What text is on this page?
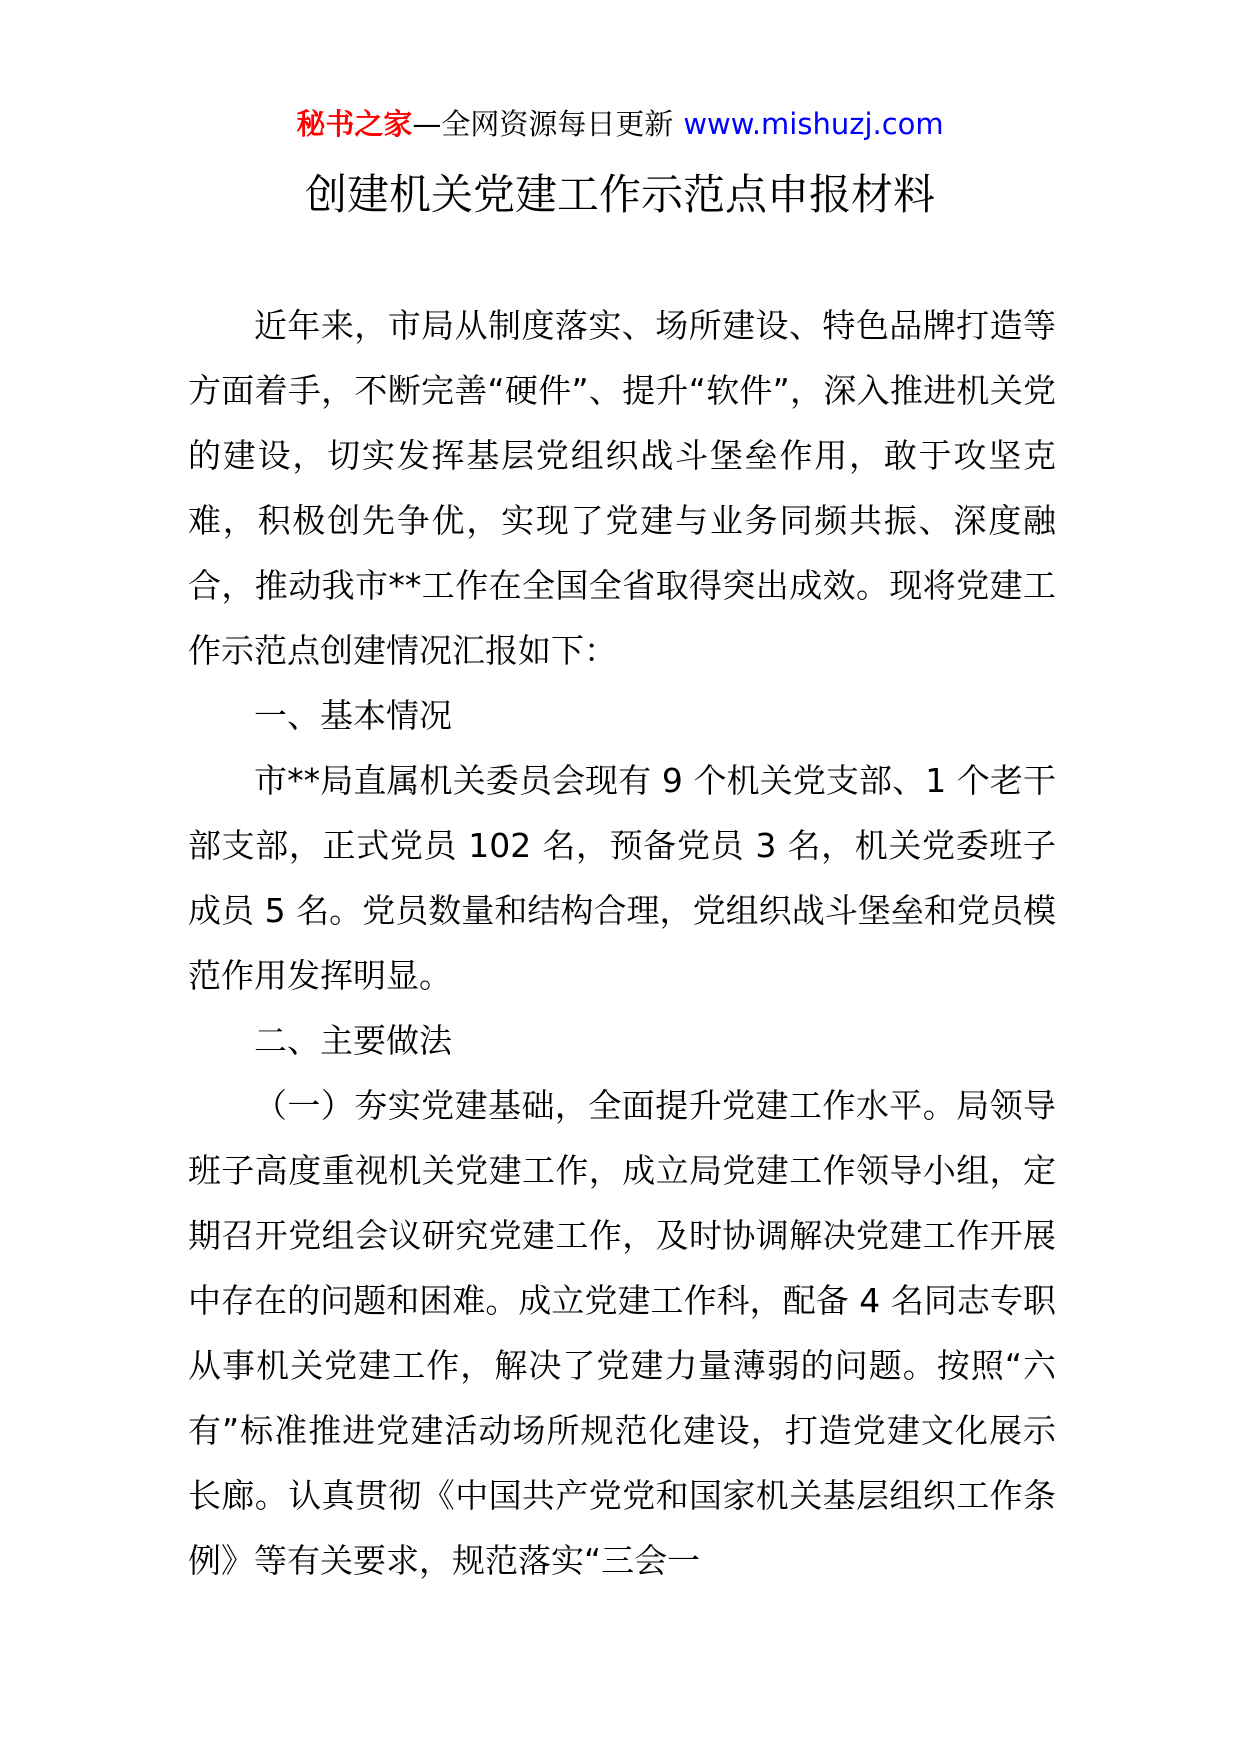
秘书之家—全网资源每日更新 www.mishuzj.com
创建机关党建工作示范点申报材料

近年来，市局从制度落实、场所建设、特色品牌打造等方面着手，不断完善“硬件”、提升“软件”，深入推进机关党的建设，切实发挥基层党组织战斗堡垒作用，敢于攻坚克难，积极创先争优，实现了党建与业务同频共振、深度融合，推动我市**工作在全国全省取得突出成效。现将党建工作示范点创建情况汇报如下：

一、基本情况

市**局直属机关委员会现有 9 个机关党支部、1 个老干部支部，正式党员 102 名，预备党员 3 名，机关党委班子成员 5 名。党员数量和结构合理，党组织战斗堡垒和党员模范作用发挥明显。

二、主要做法

（一）夯实党建基础，全面提升党建工作水平。局领导班子高度重视机关党建工作，成立局党建工作领导小组，定期召开党组会议研究党建工作，及时协调解决党建工作开展中存在的问题和困难。成立党建工作科，配备 4 名同志专职从事机关党建工作，解决了党建力量薄弱的问题。按照“六有”标准推进党建活动场所规范化建设，打造党建文化展示长廊。认真贯彻《中国共产党党和国家机关基层组织工作条例》等有关要求，规范落实“三会一
